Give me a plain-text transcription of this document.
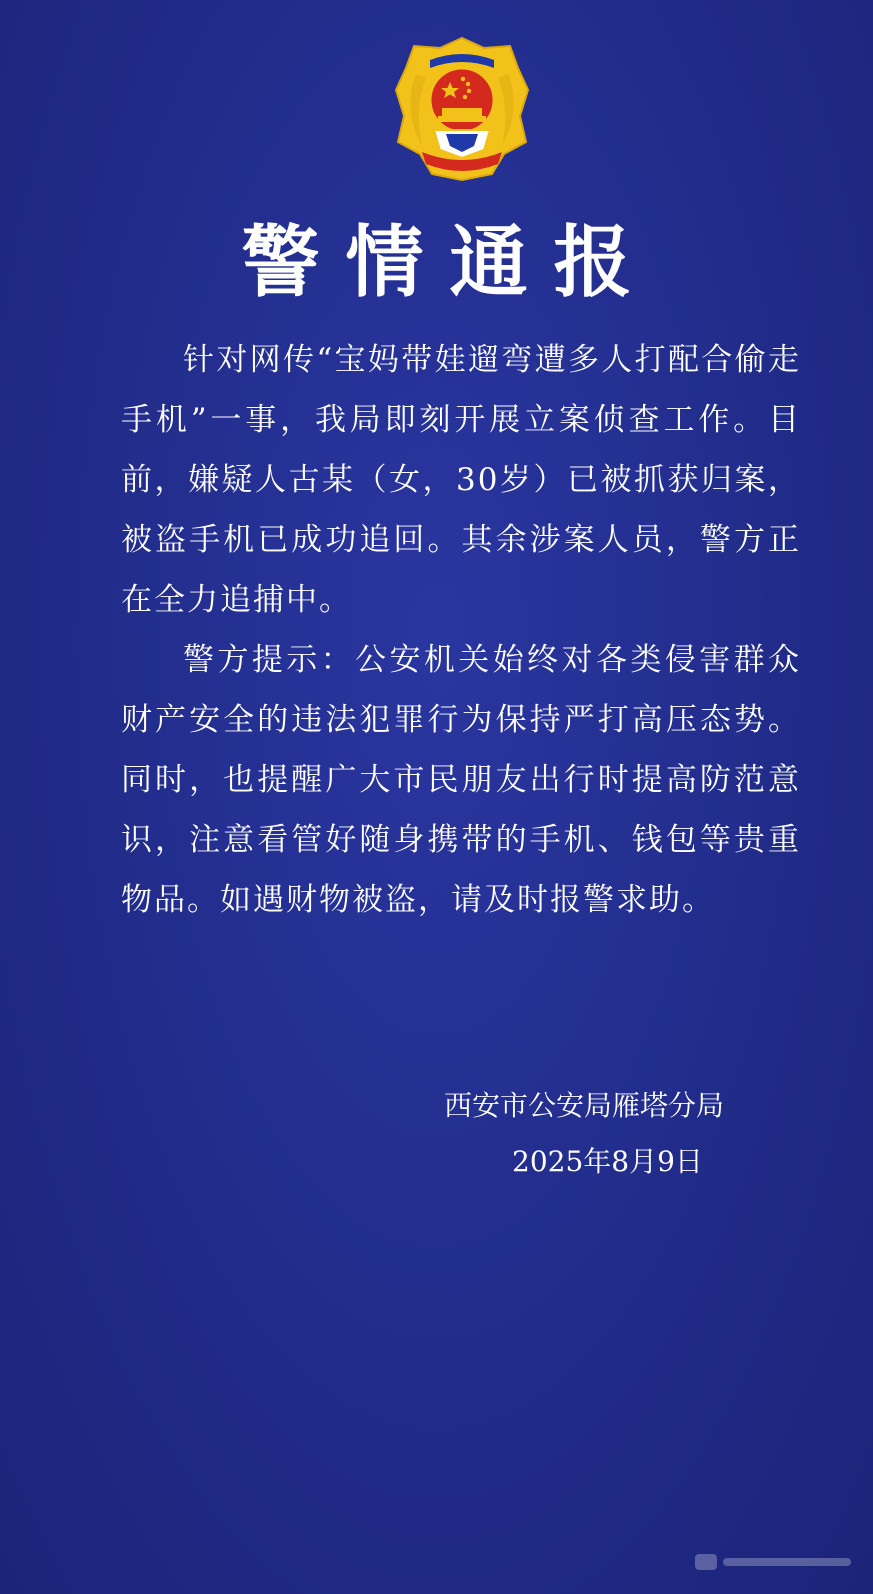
警情通报

针对网传“宝妈带娃遛弯遭多人打配合偷走手机”一事，我局即刻开展立案侦查工作。目前，嫌疑人古某（女，30岁）已被抓获归案，被盗手机已成功追回。其余涉案人员，警方正在全力追捕中。

警方提示：公安机关始终对各类侵害群众财产安全的违法犯罪行为保持严打高压态势。同时，也提醒广大市民朋友出行时提高防范意识，注意看管好随身携带的手机、钱包等贵重物品。如遇财物被盗，请及时报警求助。

西安市公安局雁塔分局
2025年8月9日
